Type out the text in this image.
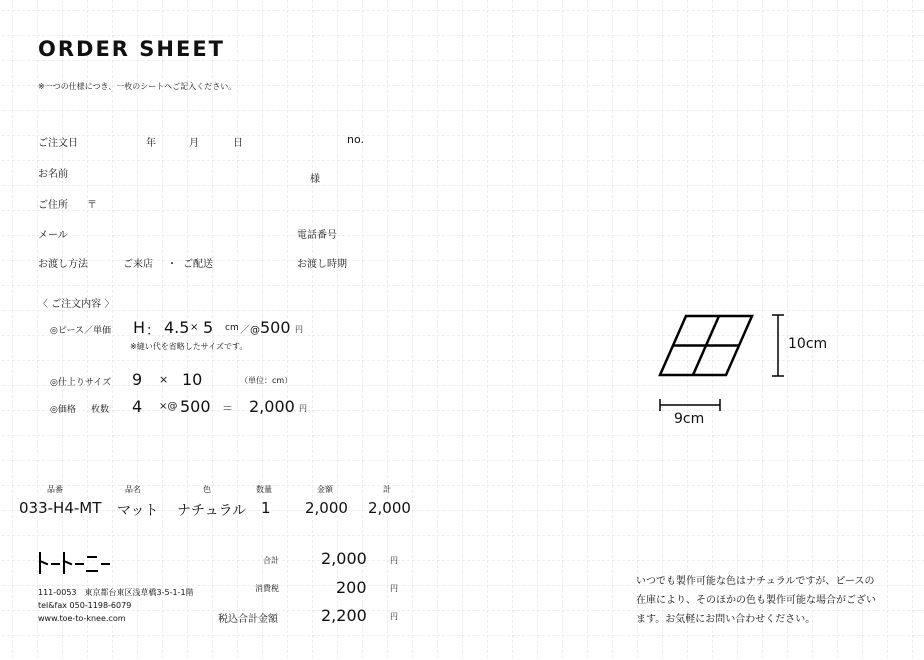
ORDER SHEET
※一つの仕様につき、一枚のシートへご記入ください。
ご注文日	年	月	日	no.
お名前	様
ご住所 〒
メール	電話番号
お渡し方法	ご来店 ・ ご配送	お渡し時期
〈 ご注文内容 〉
◎ピース／単価 H ： 4.5 × 5 cm ／@ 500 円
※縫い代を省略したサイズです。
◎仕上りサイズ 9 × 10	（単位：cm）
◎価格 枚数 4 ×@ 500 ＝ 2,000 円
10cm
9cm
品番	品名	色	数量	金額	計
033-H4-MT マット ナチュラル 1 2,000 2,000
合計	2,000	円
消費税	200	円
税込合計金額	2,200	円
111-0053　東京都台東区浅草橋3-5-1-1階
tel&fax 050-1198-6079
www.toe-to-knee.com
いつでも製作可能な色はナチュラルですが、ピースの
在庫により、そのほかの色も製作可能な場合がござい
ます。お気軽にお問い合わせください。
